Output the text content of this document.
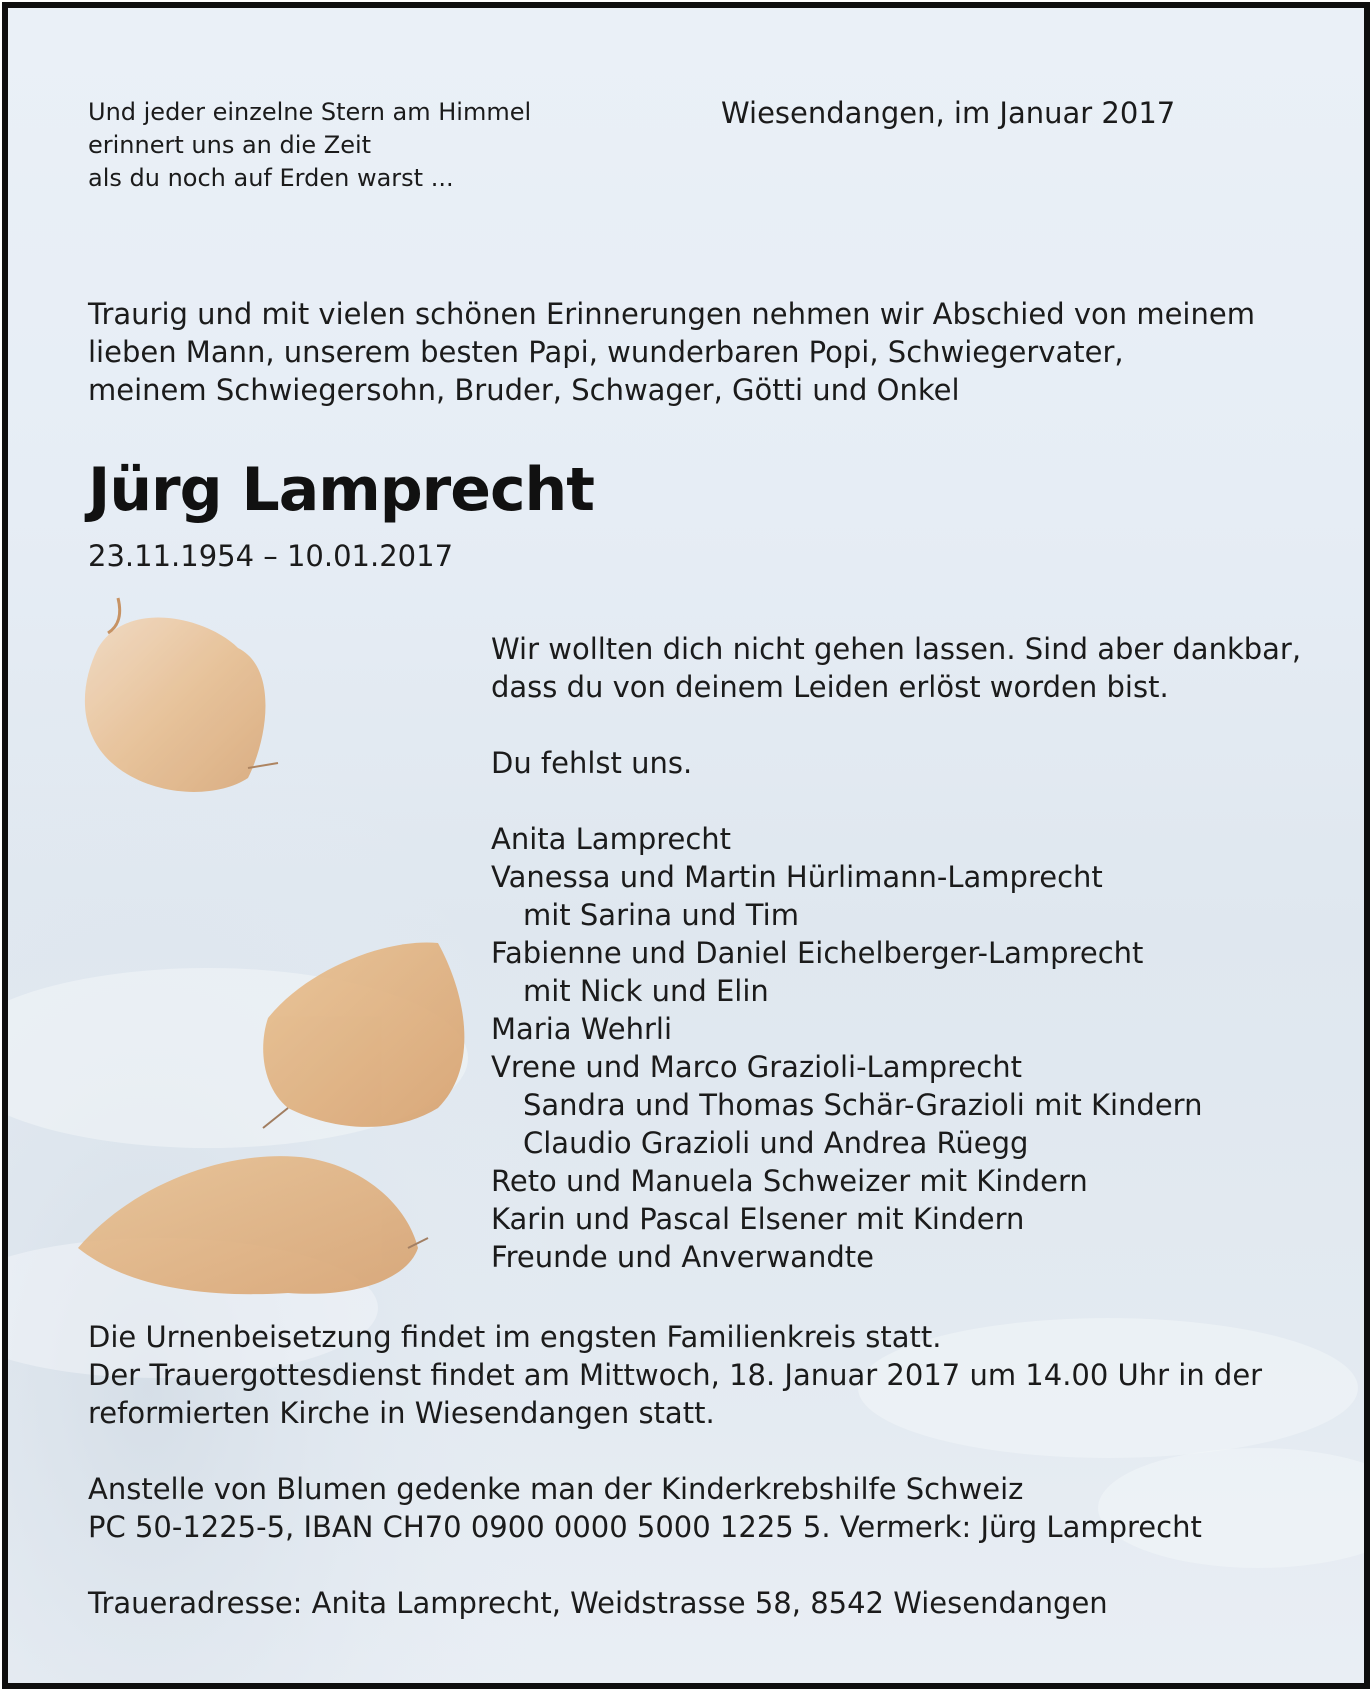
Und jeder einzelne Stern am Himmel
erinnert uns an die Zeit
als du noch auf Erden warst ...
Wiesendangen, im Januar 2017
Traurig und mit vielen schönen Erinnerungen nehmen wir Abschied von meinem
lieben Mann, unserem besten Papi, wunderbaren Popi, Schwiegervater,
meinem Schwiegersohn, Bruder, Schwager, Götti und Onkel
Jürg Lamprecht
23.11.1954 – 10.01.2017
Wir wollten dich nicht gehen lassen. Sind aber dankbar,
dass du von deinem Leiden erlöst worden bist.
Du fehlst uns.
Anita Lamprecht
Vanessa und Martin Hürlimann-Lamprecht
mit Sarina und Tim
Fabienne und Daniel Eichelberger-Lamprecht
mit Nick und Elin
Maria Wehrli
Vrene und Marco Grazioli-Lamprecht
Sandra und Thomas Schär-Grazioli mit Kindern
Claudio Grazioli und Andrea Rüegg
Reto und Manuela Schweizer mit Kindern
Karin und Pascal Elsener mit Kindern
Freunde und Anverwandte
Die Urnenbeisetzung findet im engsten Familienkreis statt.
Der Trauergottesdienst findet am Mittwoch, 18. Januar 2017 um 14.00 Uhr in der
reformierten Kirche in Wiesendangen statt.
Anstelle von Blumen gedenke man der Kinderkrebshilfe Schweiz
PC 50-1225-5, IBAN CH70 0900 0000 5000 1225 5. Vermerk: Jürg Lamprecht
Traueradresse: Anita Lamprecht, Weidstrasse 58, 8542 Wiesendangen
